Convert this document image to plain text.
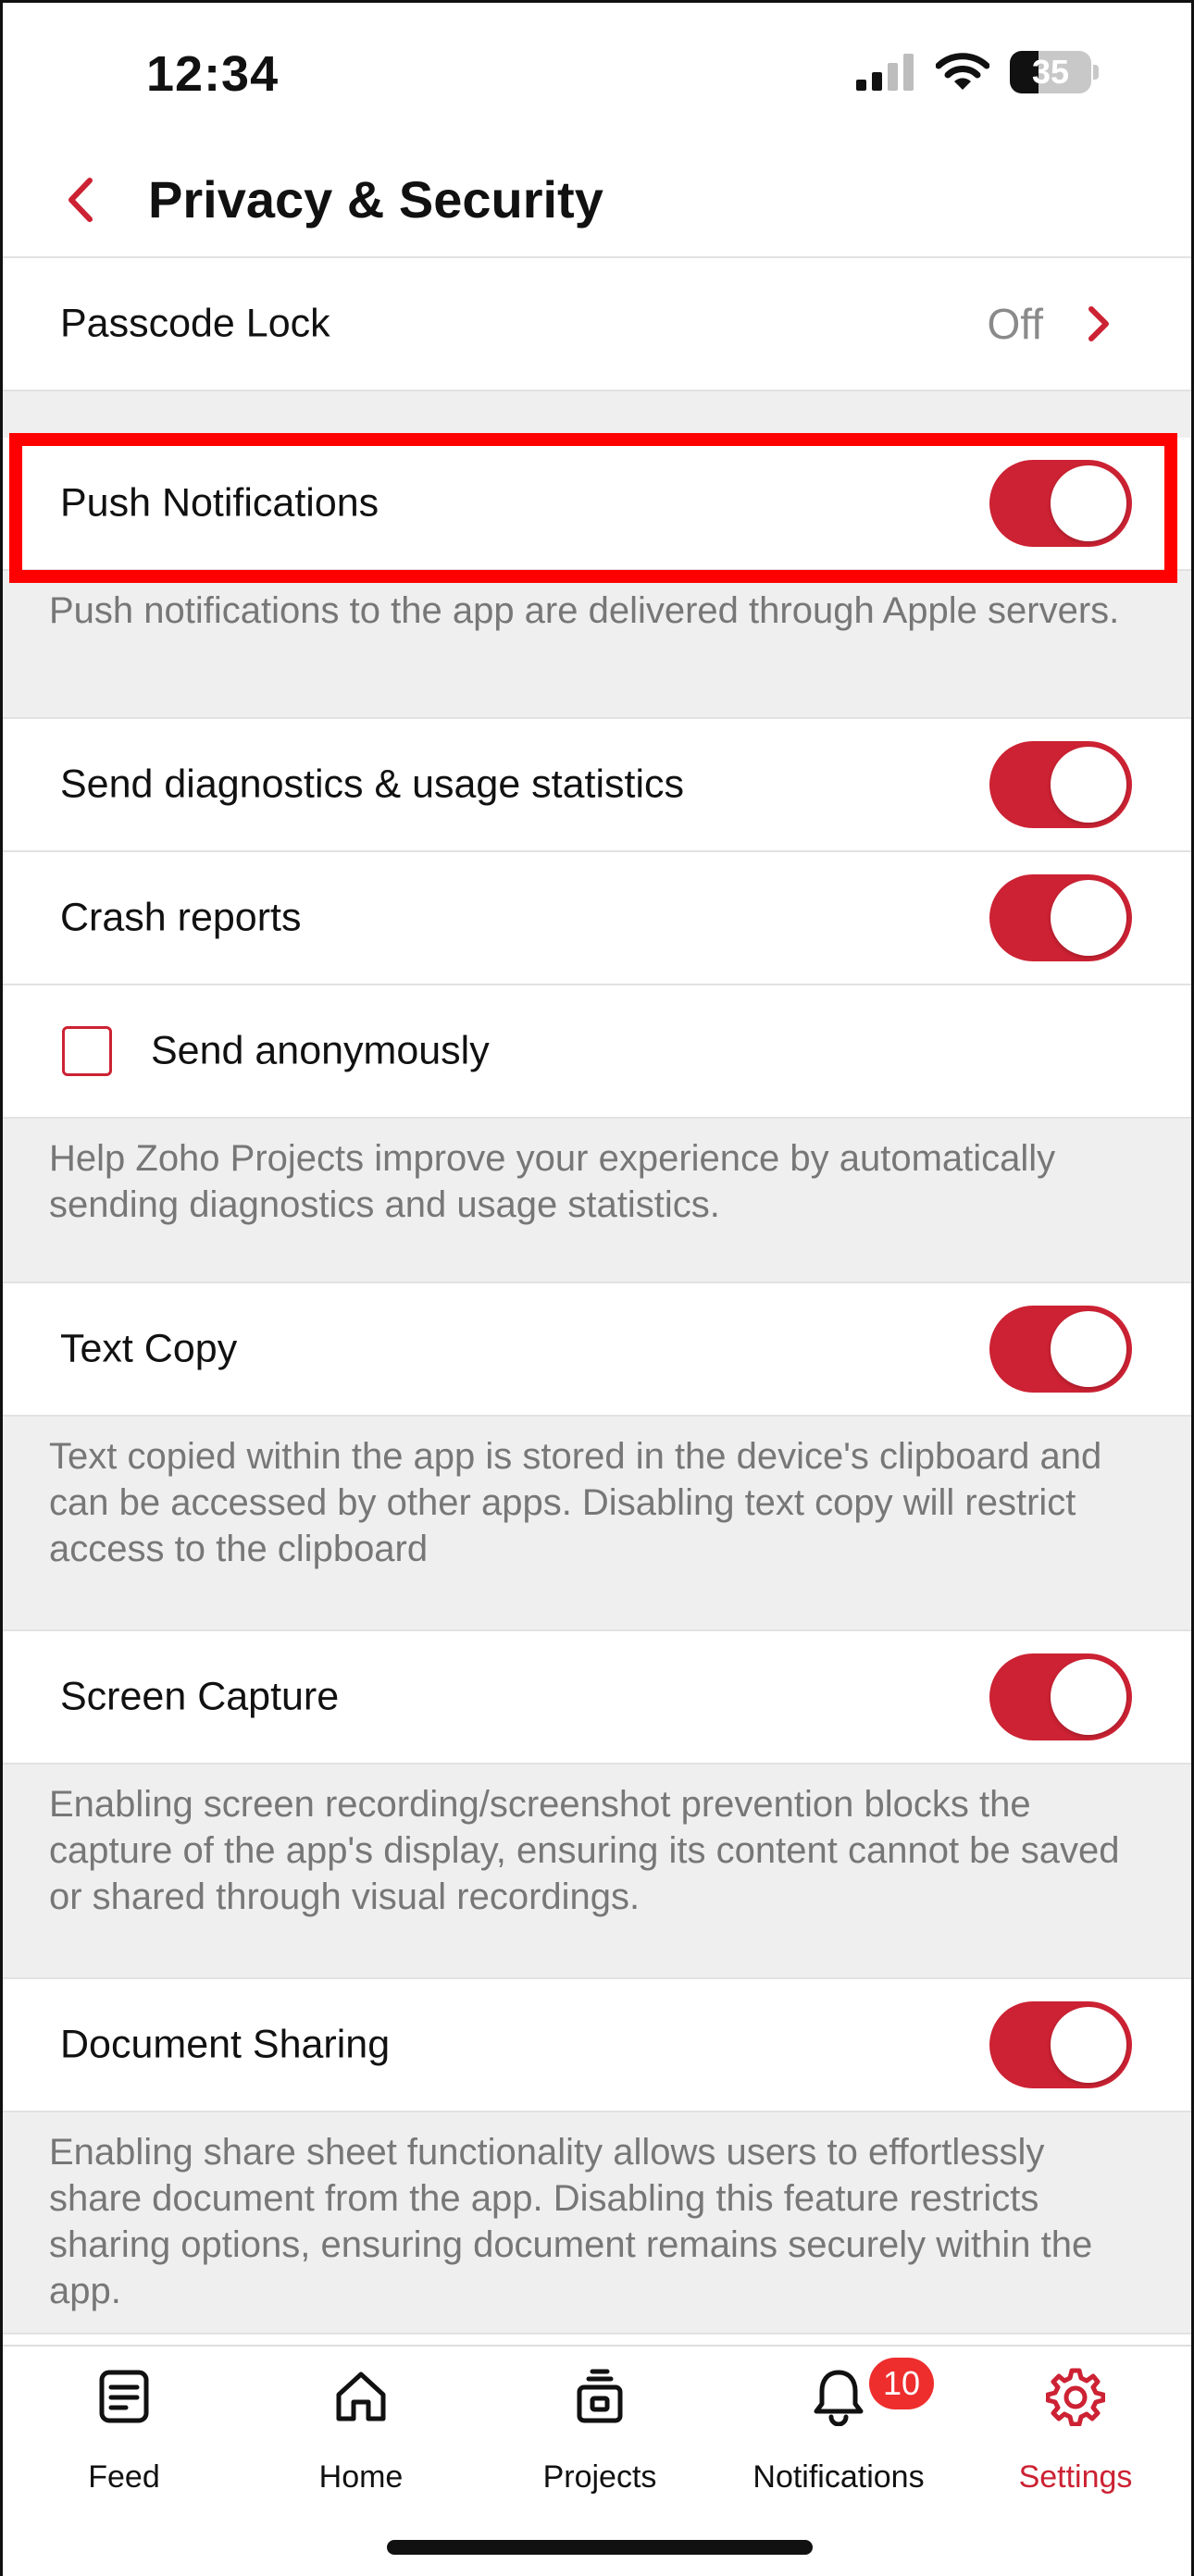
12:34	35
Privacy & Security
Passcode Lock	Off
Push Notifications
Push notifications to the app are delivered through Apple servers.
Send diagnostics & usage statistics
Crash reports
Send anonymously
Help Zoho Projects improve your experience by automatically sending diagnostics and usage statistics.
Text Copy
Text copied within the app is stored in the device's clipboard and can be accessed by other apps. Disabling text copy will restrict access to the clipboard
Screen Capture
Enabling screen recording/screenshot prevention blocks the capture of the app's display, ensuring its content cannot be saved or shared through visual recordings.
Document Sharing
Enabling share sheet functionality allows users to effortlessly share document from the app. Disabling this feature restricts sharing options, ensuring document remains securely within the app.
Feed	Home	Projects
10
Notifications	Settings
